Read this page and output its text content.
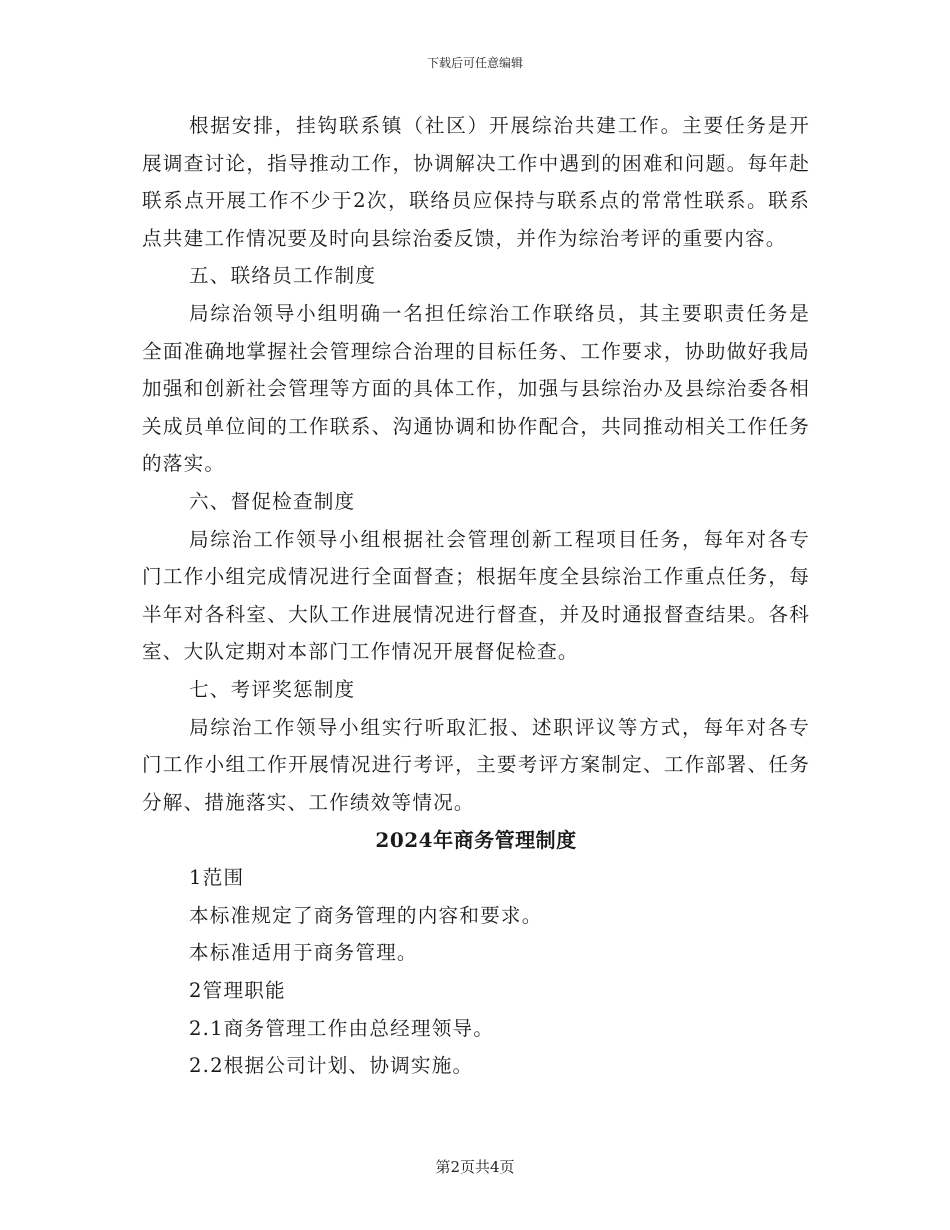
下载后可任意编辑

根据安排，挂钩联系镇（社区）开展综治共建工作。主要任务是开展调查讨论，指导推动工作，协调解决工作中遇到的困难和问题。每年赴联系点开展工作不少于2次，联络员应保持与联系点的常常性联系。联系点共建工作情况要及时向县综治委反馈，并作为综治考评的重要内容。

五、联络员工作制度

局综治领导小组明确一名担任综治工作联络员，其主要职责任务是全面准确地掌握社会管理综合治理的目标任务、工作要求，协助做好我局加强和创新社会管理等方面的具体工作，加强与县综治办及县综治委各相关成员单位间的工作联系、沟通协调和协作配合，共同推动相关工作任务的落实。

六、督促检查制度

局综治工作领导小组根据社会管理创新工程项目任务，每年对各专门工作小组完成情况进行全面督查；根据年度全县综治工作重点任务，每半年对各科室、大队工作进展情况进行督查，并及时通报督查结果。各科室、大队定期对本部门工作情况开展督促检查。

七、考评奖惩制度

局综治工作领导小组实行听取汇报、述职评议等方式，每年对各专门工作小组工作开展情况进行考评，主要考评方案制定、工作部署、任务分解、措施落实、工作绩效等情况。

2024年商务管理制度

1范围

本标准规定了商务管理的内容和要求。

本标准适用于商务管理。

2管理职能

2.1商务管理工作由总经理领导。

2.2根据公司计划、协调实施。

第2页共4页
